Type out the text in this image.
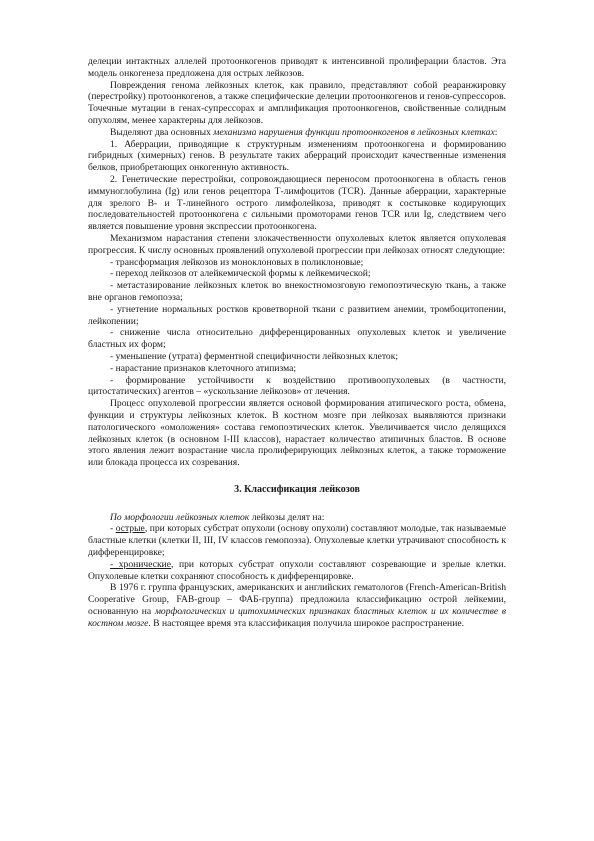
делеции интактных аллелей протоонкогенов приводят к интенсивной пролиферации бластов. Эта модель онкогенеза предложена для острых лейкозов.

Повреждения генома лейкозных клеток, как правило, представляют собой реаранжировку (перестройку) протоонкогенов, а также специфические делеции протоонкогенов и генов-супрессоров. Точечные мутации в генах-супрессорах и амплификация протоонкогенов, свойственные солидным опухолям, менее характерны для лейкозов.

Выделяют два основных механизма нарушения функции протоонкогенов в лейкозных клетках:

1. Аберрации, приводящие к структурным изменениям протоонкогена и формированию гибридных (химерных) генов. В результате таких аберраций происходит качественные изменения белков, приобретающих онкогенную активность.

2. Генетические перестройки, сопровождающиеся переносом протоонкогена в область генов иммуноглобулина (Ig) или генов рецептора Т-лимфоцитов (TCR). Данные аберрации, характерные для зрелого В- и Т-линейного острого лимфолейкоза, приводят к состыковке кодирующих последовательностей протоонкогена с сильными промоторами генов TCR или Ig, следствием чего является повышение уровня экспрессии протоонкогена.

Механизмом нарастания степени злокачественности опухолевых клеток является опухолевая прогрессия. К числу основных проявлений опухолевой прогрессии при лейкозах относят следующие:

- трансформация лейкозов из моноклоновых в поликлоновые;

- переход лейкозов от алейкемической формы к лейкемической;

- метастазирование лейкозных клеток во внекостномозговую гемопоэтическую ткань, а также вне органов гемопоэза;

- угнетение нормальных ростков кроветворной ткани с развитием анемии, тромбоцитопении, лейкопении;

- снижение числа относительно дифференцированных опухолевых клеток и увеличение бластных их форм;

- уменьшение (утрата) ферментной специфичности лейкозных клеток;

- нарастание признаков клеточного атипизма;

- формирование устойчивости к воздействию противоопухолевых (в частности, цитостатических) агентов – «ускользание лейкозов» от лечения.

Процесс опухолевой прогрессии является основой формирования атипического роста, обмена, функции и структуры лейкозных клеток. В костном мозге при лейкозах выявляются признаки патологического «омоложения» состава гемопоэтических клеток. Увеличивается число делящихся лейкозных клеток (в основном I-III классов), нарастает количество атипичных бластов. В основе этого явления лежит возрастание числа пролиферирующих лейкозных клеток, а также торможение или блокада процесса их созревания.

3. Классификация лейкозов

По морфологии лейкозных клеток лейкозы делят на:

- острые, при которых субстрат опухоли (основу опухоли) составляют молодые, так называемые бластные клетки (клетки II, III, IV классов гемопоэза). Опухолевые клетки утрачивают способность к дифференцировке;

- хронические, при которых субстрат опухоли составляют созревающие и зрелые клетки. Опухолевые клетки сохраняют способность к дифференцировке.

В 1976 г. группа французских, американских и английских гематологов (French-American-British Cooperative Group, FAB-group – ФАБ-группа) предложила классификацию острой лейкемии, основанную на морфологических и цитохимических признаках бластных клеток и их количестве в костном мозге. В настоящее время эта классификация получила широкое распространение.
